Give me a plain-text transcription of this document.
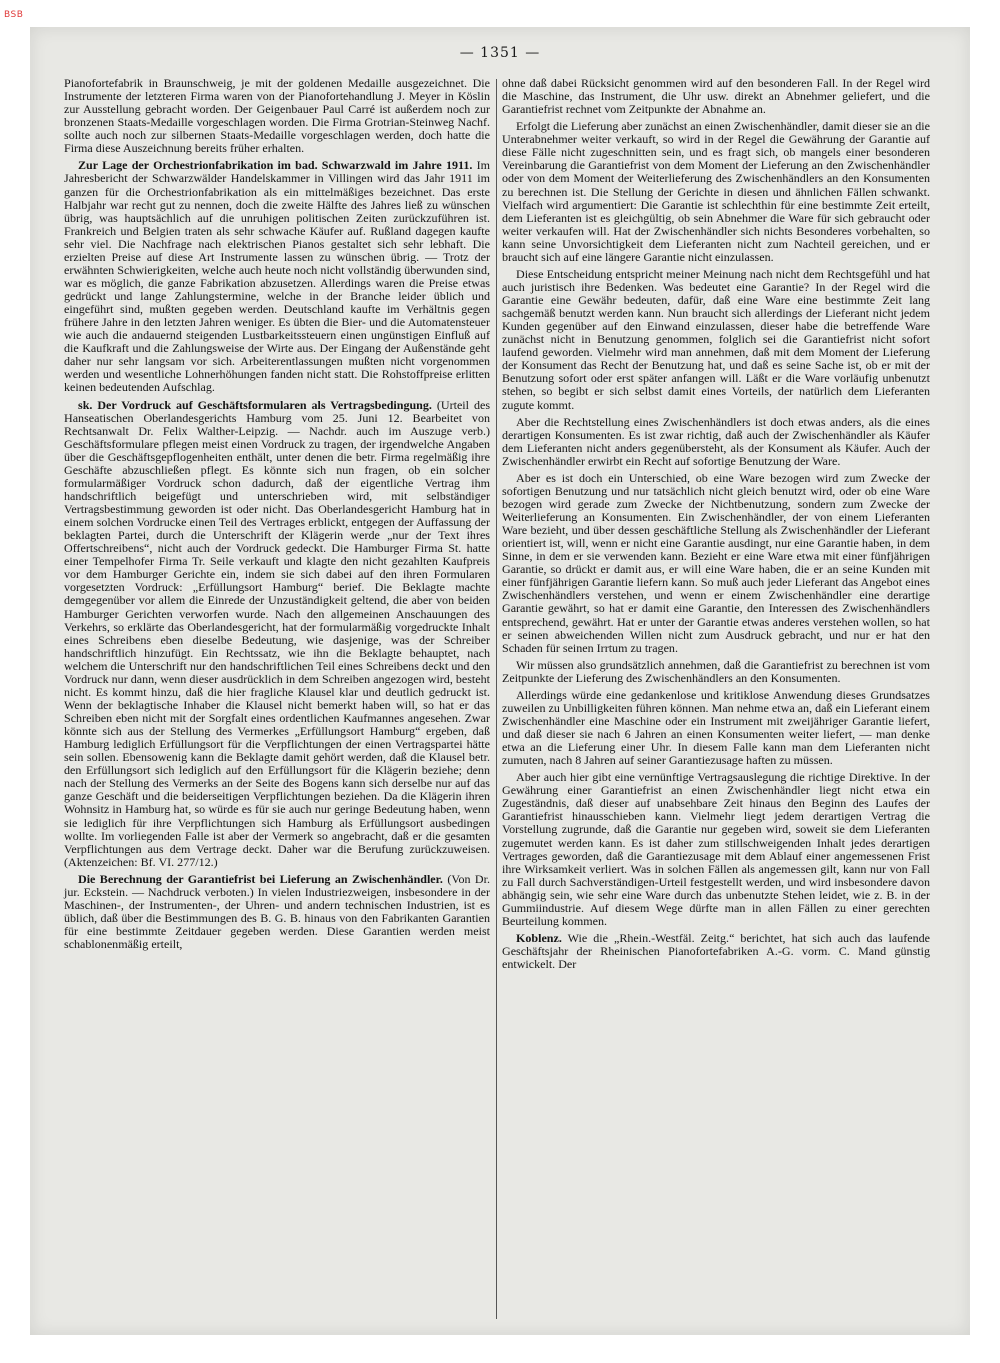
BSB
— 1351 —

Pianofortefabrik in Braunschweig, je mit der goldenen Medaille ausgezeichnet. Die Instrumente der letzteren Firma waren von der Pianofortehandlung J. Meyer in Köslin zur Ausstellung gebracht worden. Der Geigenbauer Paul Carré ist außerdem noch zur bronzenen Staats-Medaille vorgeschlagen worden. Die Firma Grotrian-Steinweg Nachf. sollte auch noch zur silbernen Staats-Medaille vorgeschlagen werden, doch hatte die Firma diese Auszeichnung bereits früher erhalten.

Zur Lage der Orchestrionfabrikation im bad. Schwarzwald im Jahre 1911. Im Jahresbericht der Schwarzwälder Handelskammer in Villingen wird das Jahr 1911 im ganzen für die Orchestrionfabrikation als ein mittelmäßiges bezeichnet. Das erste Halbjahr war recht gut zu nennen, doch die zweite Hälfte des Jahres ließ zu wünschen übrig, was hauptsächlich auf die unruhigen politischen Zeiten zurückzuführen ist. Frankreich und Belgien traten als sehr schwache Käufer auf. Rußland dagegen kaufte sehr viel. Die Nachfrage nach elektrischen Pianos gestaltet sich sehr lebhaft. Die erzielten Preise auf diese Art Instrumente lassen zu wünschen übrig. — Trotz der erwähnten Schwierigkeiten, welche auch heute noch nicht vollständig überwunden sind, war es möglich, die ganze Fabrikation abzusetzen. Allerdings waren die Preise etwas gedrückt und lange Zahlungstermine, welche in der Branche leider üblich und eingeführt sind, mußten gegeben werden. Deutschland kaufte im Verhältnis gegen frühere Jahre in den letzten Jahren weniger. Es übten die Bier- und die Automatensteuer wie auch die andauernd steigenden Lustbarkeitssteuern einen ungünstigen Einfluß auf die Kaufkraft und die Zahlungsweise der Wirte aus. Der Eingang der Außenstände geht daher nur sehr langsam vor sich. Arbeiterentlassungen mußten nicht vorgenommen werden und wesentliche Lohnerhöhungen fanden nicht statt. Die Rohstoffpreise erlitten keinen bedeutenden Aufschlag.

sk. Der Vordruck auf Geschäftsformularen als Vertragsbedingung. (Urteil des Hanseatischen Oberlandesgerichts Hamburg vom 25. Juni 12. Bearbeitet von Rechtsanwalt Dr. Felix Walther-Leipzig. — Nachdr. auch im Auszuge verb.) Geschäftsformulare pflegen meist einen Vordruck zu tragen, der irgendwelche Angaben über die Geschäftsgepflogenheiten enthält, unter denen die betr. Firma regelmäßig ihre Geschäfte abzuschließen pflegt. Es könnte sich nun fragen, ob ein solcher formularmäßiger Vordruck schon dadurch, daß der eigentliche Vertrag ihm handschriftlich beigefügt und unterschrieben wird, mit selbständiger Vertragsbestimmung geworden ist oder nicht. Das Oberlandesgericht Hamburg hat in einem solchen Vordrucke einen Teil des Vertrages erblickt, entgegen der Auffassung der beklagten Partei, durch die Unterschrift der Klägerin werde „nur der Text ihres Offertschreibens“, nicht auch der Vordruck gedeckt. Die Hamburger Firma St. hatte einer Tempelhofer Firma Tr. Seile verkauft und klagte den nicht gezahlten Kaufpreis vor dem Hamburger Gerichte ein, indem sie sich dabei auf den ihren Formularen vorgesetzten Vordruck: „Erfüllungsort Hamburg“ berief. Die Beklagte machte demgegenüber vor allem die Einrede der Unzuständigkeit geltend, die aber von beiden Hamburger Gerichten verworfen wurde. Nach den allgemeinen Anschauungen des Verkehrs, so erklärte das Oberlandesgericht, hat der formularmäßig vorgedruckte Inhalt eines Schreibens eben dieselbe Bedeutung, wie dasjenige, was der Schreiber handschriftlich hinzufügt. Ein Rechtssatz, wie ihn die Beklagte behauptet, nach welchem die Unterschrift nur den handschriftlichen Teil eines Schreibens deckt und den Vordruck nur dann, wenn dieser ausdrücklich in dem Schreiben angezogen wird, besteht nicht. Es kommt hinzu, daß die hier fragliche Klausel klar und deutlich gedruckt ist. Wenn der beklagtische Inhaber die Klausel nicht bemerkt haben will, so hat er das Schreiben eben nicht mit der Sorgfalt eines ordentlichen Kaufmannes angesehen. Zwar könnte sich aus der Stellung des Vermerkes „Erfüllungsort Hamburg“ ergeben, daß Hamburg lediglich Erfüllungsort für die Verpflichtungen der einen Vertragspartei hätte sein sollen. Ebensowenig kann die Beklagte damit gehört werden, daß die Klausel betr. den Erfüllungsort sich lediglich auf den Erfüllungsort für die Klägerin beziehe; denn nach der Stellung des Vermerks an der Seite des Bogens kann sich derselbe nur auf das ganze Geschäft und die beiderseitigen Verpflichtungen beziehen. Da die Klägerin ihren Wohnsitz in Hamburg hat, so würde es für sie auch nur geringe Bedeutung haben, wenn sie lediglich für ihre Verpflichtungen sich Hamburg als Erfüllungsort ausbedingen wollte. Im vorliegenden Falle ist aber der Vermerk so angebracht, daß er die gesamten Verpflichtungen aus dem Vertrage deckt. Daher war die Berufung zurückzuweisen. (Aktenzeichen: Bf. VI. 277/12.)

Die Berechnung der Garantiefrist bei Lieferung an Zwischenhändler. (Von Dr. jur. Eckstein. — Nachdruck verboten.) In vielen Industriezweigen, insbesondere in der Maschinen-, der Instrumenten-, der Uhren- und andern technischen Industrien, ist es üblich, daß über die Bestimmungen des B. G. B. hinaus von den Fabrikanten Garantien für eine bestimmte Zeitdauer gegeben werden. Diese Garantien werden meist schablonenmäßig erteilt,

ohne daß dabei Rücksicht genommen wird auf den besonderen Fall. In der Regel wird die Maschine, das Instrument, die Uhr usw. direkt an Abnehmer geliefert, und die Garantiefrist rechnet vom Zeitpunkte der Abnahme an.

Erfolgt die Lieferung aber zunächst an einen Zwischenhändler, damit dieser sie an die Unterabnehmer weiter verkauft, so wird in der Regel die Gewährung der Garantie auf diese Fälle nicht zugeschnitten sein, und es fragt sich, ob mangels einer besonderen Vereinbarung die Garantiefrist von dem Moment der Lieferung an den Zwischenhändler oder von dem Moment der Weiterlieferung des Zwischenhändlers an den Konsumenten zu berechnen ist. Die Stellung der Gerichte in diesen und ähnlichen Fällen schwankt. Vielfach wird argumentiert: Die Garantie ist schlechthin für eine bestimmte Zeit erteilt, dem Lieferanten ist es gleichgültig, ob sein Abnehmer die Ware für sich gebraucht oder weiter verkaufen will. Hat der Zwischenhändler sich nichts Besonderes vorbehalten, so kann seine Unvorsichtigkeit dem Lieferanten nicht zum Nachteil gereichen, und er braucht sich auf eine längere Garantie nicht einzulassen.

Diese Entscheidung entspricht meiner Meinung nach nicht dem Rechtsgefühl und hat auch juristisch ihre Bedenken. Was bedeutet eine Garantie? In der Regel wird die Garantie eine Gewähr bedeuten, dafür, daß eine Ware eine bestimmte Zeit lang sachgemäß benutzt werden kann. Nun braucht sich allerdings der Lieferant nicht jedem Kunden gegenüber auf den Einwand einzulassen, dieser habe die betreffende Ware zunächst nicht in Benutzung genommen, folglich sei die Garantiefrist nicht sofort laufend geworden. Vielmehr wird man annehmen, daß mit dem Moment der Lieferung der Konsument das Recht der Benutzung hat, und daß es seine Sache ist, ob er mit der Benutzung sofort oder erst später anfangen will. Läßt er die Ware vorläufig unbenutzt stehen, so begibt er sich selbst damit eines Vorteils, der natürlich dem Lieferanten zugute kommt.

Aber die Rechtstellung eines Zwischenhändlers ist doch etwas anders, als die eines derartigen Konsumenten. Es ist zwar richtig, daß auch der Zwischenhändler als Käufer dem Lieferanten nicht anders gegenübersteht, als der Konsument als Käufer. Auch der Zwischenhändler erwirbt ein Recht auf sofortige Benutzung der Ware.

Aber es ist doch ein Unterschied, ob eine Ware bezogen wird zum Zwecke der sofortigen Benutzung und nur tatsächlich nicht gleich benutzt wird, oder ob eine Ware bezogen wird gerade zum Zwecke der Nichtbenutzung, sondern zum Zwecke der Weiterlieferung an Konsumenten. Ein Zwischenhändler, der von einem Lieferanten Ware bezieht, und über dessen geschäftliche Stellung als Zwischenhändler der Lieferant orientiert ist, will, wenn er nicht eine Garantie ausdingt, nur eine Garantie haben, in dem Sinne, in dem er sie verwenden kann. Bezieht er eine Ware etwa mit einer fünfjährigen Garantie, so drückt er damit aus, er will eine Ware haben, die er an seine Kunden mit einer fünfjährigen Garantie liefern kann. So muß auch jeder Lieferant das Angebot eines Zwischenhändlers verstehen, und wenn er einem Zwischenhändler eine derartige Garantie gewährt, so hat er damit eine Garantie, den Interessen des Zwischenhändlers entsprechend, gewährt. Hat er unter der Garantie etwas anderes verstehen wollen, so hat er seinen abweichenden Willen nicht zum Ausdruck gebracht, und nur er hat den Schaden für seinen Irrtum zu tragen.

Wir müssen also grundsätzlich annehmen, daß die Garantiefrist zu berechnen ist vom Zeitpunkte der Lieferung des Zwischenhändlers an den Konsumenten.

Allerdings würde eine gedankenlose und kritiklose Anwendung dieses Grundsatzes zuweilen zu Unbilligkeiten führen können. Man nehme etwa an, daß ein Lieferant einem Zwischenhändler eine Maschine oder ein Instrument mit zweijähriger Garantie liefert, und daß dieser sie nach 6 Jahren an einen Konsumenten weiter liefert, — man denke etwa an die Lieferung einer Uhr. In diesem Falle kann man dem Lieferanten nicht zumuten, nach 8 Jahren auf seiner Garantiezusage haften zu müssen.

Aber auch hier gibt eine vernünftige Vertragsauslegung die richtige Direktive. In der Gewährung einer Garantiefrist an einen Zwischenhändler liegt nicht etwa ein Zugeständnis, daß dieser auf unabsehbare Zeit hinaus den Beginn des Laufes der Garantiefrist hinausschieben kann. Vielmehr liegt jedem derartigen Vertrag die Vorstellung zugrunde, daß die Garantie nur gegeben wird, soweit sie dem Lieferanten zugemutet werden kann. Es ist daher zum stillschweigenden Inhalt jedes derartigen Vertrages geworden, daß die Garantiezusage mit dem Ablauf einer angemessenen Frist ihre Wirksamkeit verliert. Was in solchen Fällen als angemessen gilt, kann nur von Fall zu Fall durch Sachverständigen-Urteil festgestellt werden, und wird insbesondere davon abhängig sein, wie sehr eine Ware durch das unbenutzte Stehen leidet, wie z. B. in der Gummiindustrie. Auf diesem Wege dürfte man in allen Fällen zu einer gerechten Beurteilung kommen.

Koblenz. Wie die „Rhein.-Westfäl. Zeitg.“ berichtet, hat sich auch das laufende Geschäftsjahr der Rheinischen Pianofortefabriken A.-G. vorm. C. Mand günstig entwickelt. Der
